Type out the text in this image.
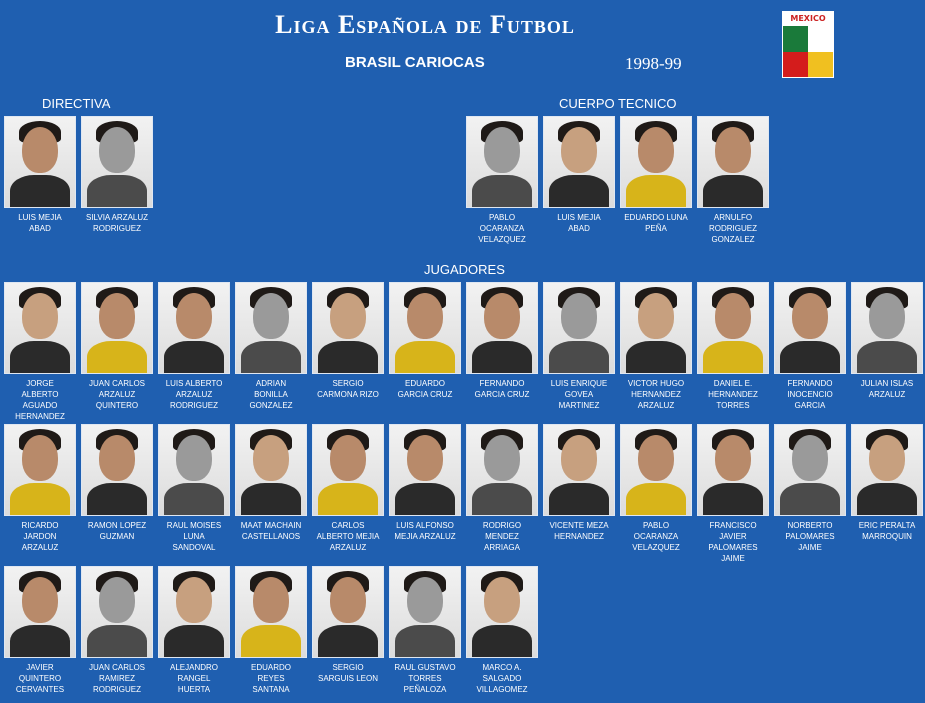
Liga Española de Futbol
BRASIL CARIOCAS	1998-99
MEXICO
DIRECTIVA	CUERPO TECNICO
JUGADORES
LUIS MEJIA
ABAD
SILVIA ARZALUZ
RODRIGUEZ
PABLO
OCARANZA
VELAZQUEZ
LUIS MEJIA
ABAD
EDUARDO LUNA
PEÑA
ARNULFO
RODRIGUEZ
GONZALEZ
JORGE
ALBERTO
AGUADO
HERNANDEZ
JUAN CARLOS
ARZALUZ
QUINTERO
LUIS ALBERTO
ARZALUZ
RODRIGUEZ
ADRIAN
BONILLA
GONZALEZ
SERGIO
CARMONA RIZO
EDUARDO
GARCIA CRUZ
FERNANDO
GARCIA CRUZ
LUIS ENRIQUE
GOVEA
MARTINEZ
VICTOR HUGO
HERNANDEZ
ARZALUZ
DANIEL E.
HERNANDEZ
TORRES
FERNANDO
INOCENCIO
GARCIA
JULIAN ISLAS
ARZALUZ
RICARDO
JARDON
ARZALUZ
RAMON LOPEZ
GUZMAN
RAUL MOISES
LUNA
SANDOVAL
MAAT MACHAIN
CASTELLANOS
CARLOS
ALBERTO MEJIA
ARZALUZ
LUIS ALFONSO
MEJIA ARZALUZ
RODRIGO
MENDEZ
ARRIAGA
VICENTE MEZA
HERNANDEZ
PABLO
OCARANZA
VELAZQUEZ
FRANCISCO
JAVIER
PALOMARES
JAIME
NORBERTO
PALOMARES
JAIME
ERIC PERALTA
MARROQUIN
JAVIER
QUINTERO
CERVANTES
JUAN CARLOS
RAMIREZ
RODRIGUEZ
ALEJANDRO
RANGEL
HUERTA
EDUARDO
REYES
SANTANA
SERGIO
SARGUIS LEON
RAUL GUSTAVO
TORRES
PEÑALOZA
MARCO A.
SALGADO
VILLAGOMEZ
